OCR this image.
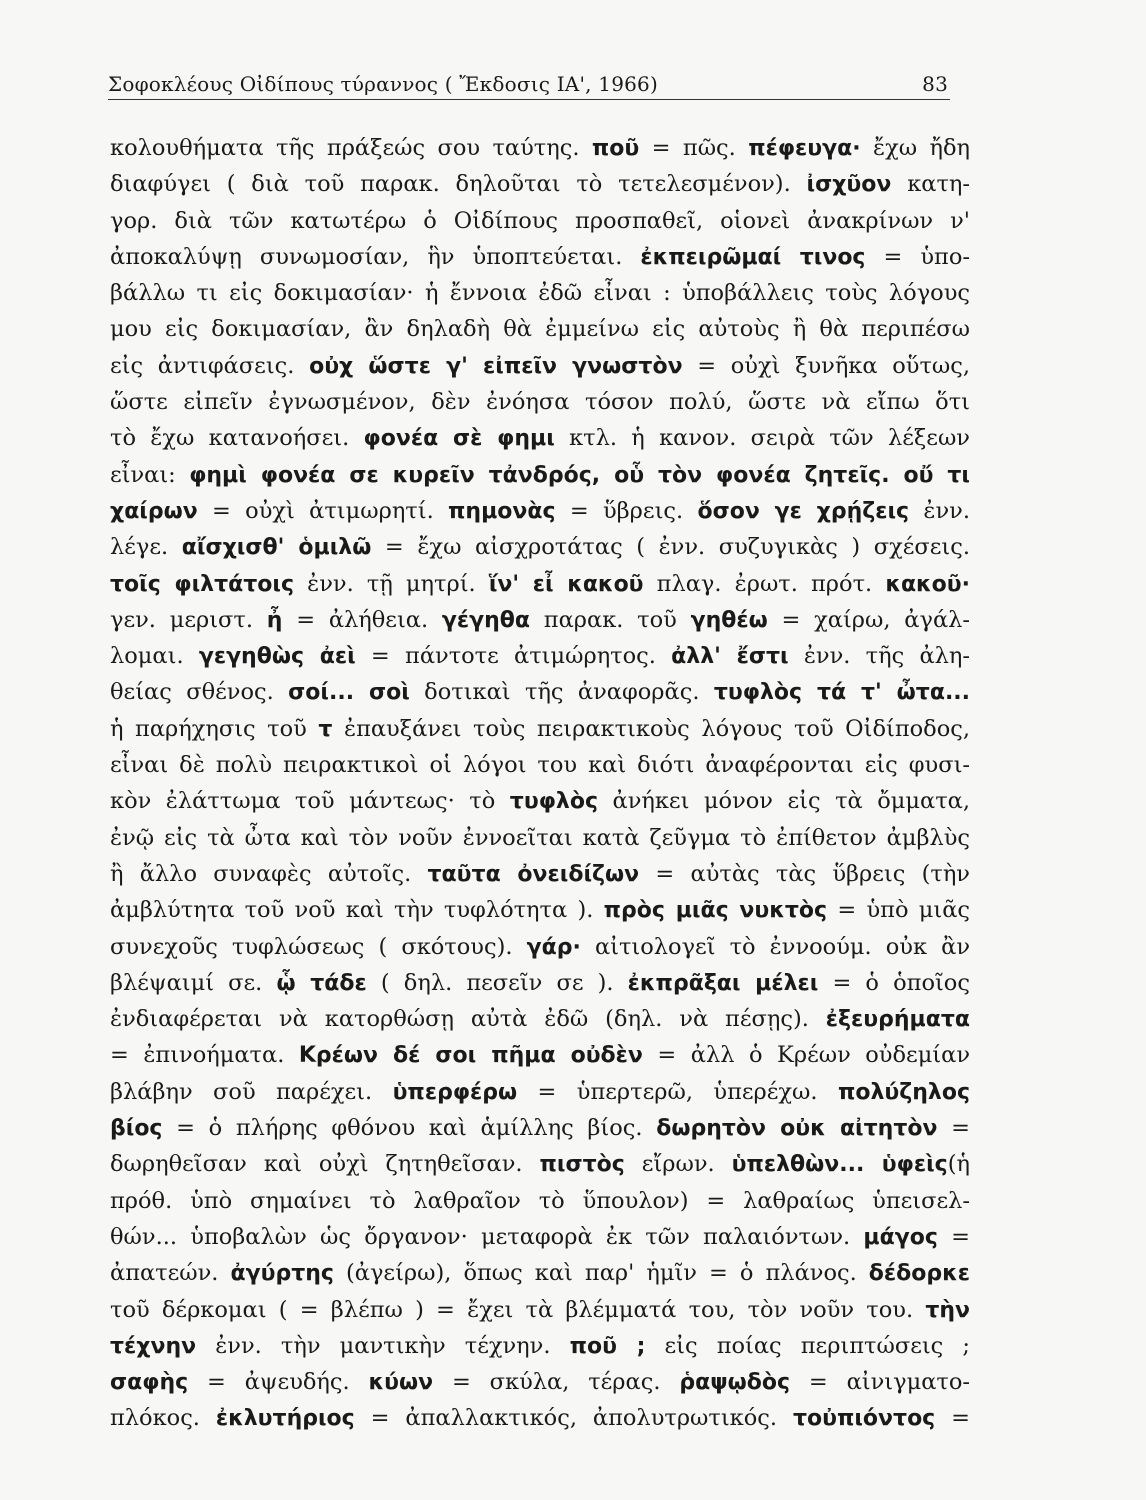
Σοφοκλέους Οἰδίπους τύραννος ( Ἔκδοσις ΙΑ', 1966)	83
κολουθήματα τῆς πράξεώς σου ταύτης. ποῦ = πῶς. πέφευγα· ἔχω ἤδη
διαφύγει ( διὰ τοῦ παρακ. δηλοῦται τὸ τετελεσμένον). ἰσχῦον κατη-
γορ. διὰ τῶν κατωτέρω ὁ Οἰδίπους προσπαθεῖ, οἱονεὶ ἀνακρίνων ν'
ἀποκαλύψῃ συνωμοσίαν, ἣν ὑποπτεύεται. ἐκπειρῶμαί τινος = ὑπο-
βάλλω τι εἰς δοκιμασίαν· ἡ ἔννοια ἐδῶ εἶναι : ὑποβάλλεις τοὺς λόγους
μου εἰς δοκιμασίαν, ἂν δηλαδὴ θὰ ἐμμείνω εἰς αὐτοὺς ἢ θὰ περιπέσω
εἰς ἀντιφάσεις. οὐχ ὥστε γ' εἰπεῖν γνωστὸν = οὐχὶ ξυνῆκα οὕτως,
ὥστε εἰπεῖν ἐγνωσμένον, δὲν ἐνόησα τόσον πολύ, ὥστε νὰ εἴπω ὅτι
τὸ ἔχω κατανοήσει. φονέα σὲ φημι κτλ. ἡ κανον. σειρὰ τῶν λέξεων
εἶναι: φημὶ φονέα σε κυρεῖν τἀνδρός, οὗ τὸν φονέα ζητεῖς. οὔ τι
χαίρων = οὐχὶ ἀτιμωρητί. πημονὰς = ὕβρεις. ὅσον γε χρῄζεις ἐνν.
λέγε. αἴσχισθ' ὁμιλῶ = ἔχω αἰσχροτάτας ( ἐνν. συζυγικὰς ) σχέσεις.
τοῖς φιλτάτοις ἐνν. τῇ μητρί. ἵν' εἶ κακοῦ πλαγ. ἐρωτ. πρότ. κακοῦ·
γεν. μεριστ. ἦ = ἀλήθεια. γέγηθα παρακ. τοῦ γηθέω = χαίρω, ἀγάλ-
λομαι. γεγηθὼς ἀεὶ = πάντοτε ἀτιμώρητος. ἀλλ' ἔστι ἐνν. τῆς ἀλη-
θείας σθένος. σοί... σοὶ δοτικαὶ τῆς ἀναφορᾶς. τυφλὸς τά τ' ὦτα...
ἡ παρήχησις τοῦ τ ἐπαυξάνει τοὺς πειρακτικοὺς λόγους τοῦ Οἰδίποδος,
εἶναι δὲ πολὺ πειρακτικοὶ οἱ λόγοι του καὶ διότι ἀναφέρονται εἰς φυσι-
κὸν ἐλάττωμα τοῦ μάντεως· τὸ τυφλὸς ἀνήκει μόνον εἰς τὰ ὄμματα,
ἐνῷ εἰς τὰ ὦτα καὶ τὸν νοῦν ἐννοεῖται κατὰ ζεῦγμα τὸ ἐπίθετον ἀμβλὺς
ἢ ἄλλο συναφὲς αὐτοῖς. ταῦτα ὀνειδίζων = αὐτὰς τὰς ὕβρεις (τὴν
ἀμβλύτητα τοῦ νοῦ καὶ τὴν τυφλότητα ). πρὸς μιᾶς νυκτὸς = ὑπὸ μιᾶς
συνεχοῦς τυφλώσεως ( σκότους). γάρ· αἰτιολογεῖ τὸ ἐννοούμ. οὐκ ἂν
βλέψαιμί σε. ᾧ τάδε ( δηλ. πεσεῖν σε ). ἐκπρᾶξαι μέλει = ὁ ὁποῖος
ἐνδιαφέρεται νὰ κατορθώσῃ αὐτὰ ἐδῶ (δηλ. νὰ πέσῃς). ἐξευρήματα
= ἐπινοήματα. Κρέων δέ σοι πῆμα οὐδὲν = ἀλλ ὁ Κρέων οὐδεμίαν
βλάβην σοῦ παρέχει. ὑπερφέρω = ὑπερτερῶ, ὑπερέχω. πολύζηλος
βίος = ὁ πλήρης φθόνου καὶ ἁμίλλης βίος. δωρητὸν οὐκ αἰτητὸν =
δωρηθεῖσαν καὶ οὐχὶ ζητηθεῖσαν. πιστὸς εἴρων. ὑπελθὼν... ὑφεὶς(ἡ
πρόθ. ὑπὸ σημαίνει τὸ λαθραῖον τὸ ὕπουλον) = λαθραίως ὑπεισελ-
θών... ὑποβαλὼν ὡς ὄργανον· μεταφορὰ ἐκ τῶν παλαιόντων. μάγος =
ἀπατεών. ἀγύρτης (ἀγείρω), ὅπως καὶ παρ' ἡμῖν = ὁ πλάνος. δέδορκε
τοῦ δέρκομαι ( = βλέπω ) = ἔχει τὰ βλέμματά του, τὸν νοῦν του. τὴν
τέχνην ἐνν. τὴν μαντικὴν τέχνην. ποῦ ; εἰς ποίας περιπτώσεις ;
σαφὴς = ἀψευδής. κύων = σκύλα, τέρας. ῥαψῳδὸς = αἰνιγματο-
πλόκος. ἐκλυτήριος = ἀπαλλακτικός, ἀπολυτρωτικός. τοὐπιόντος =
